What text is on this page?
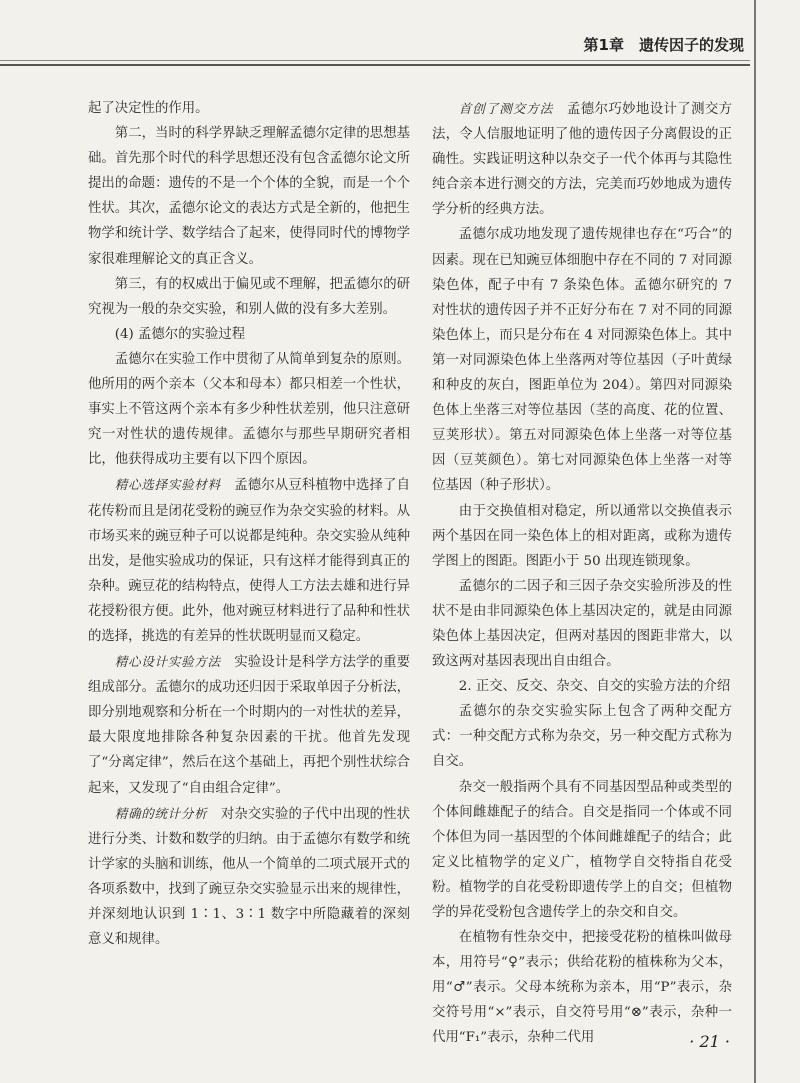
第1章　遗传因子的发现

起了决定性的作用。

第二，当时的科学界缺乏理解孟德尔定律的思想基础。首先那个时代的科学思想还没有包含孟德尔论文所提出的命题：遗传的不是一个个体的全貌，而是一个个性状。其次，孟德尔论文的表达方式是全新的，他把生物学和统计学、数学结合了起来，使得同时代的博物学家很难理解论文的真正含义。

第三，有的权威出于偏见或不理解，把孟德尔的研究视为一般的杂交实验，和别人做的没有多大差别。

(4) 孟德尔的实验过程

孟德尔在实验工作中贯彻了从简单到复杂的原则。他所用的两个亲本（父本和母本）都只相差一个性状，事实上不管这两个亲本有多少种性状差别，他只注意研究一对性状的遗传规律。孟德尔与那些早期研究者相比，他获得成功主要有以下四个原因。

精心选择实验材料　 孟德尔从豆科植物中选择了自花传粉而且是闭花受粉的豌豆作为杂交实验的材料。从市场买来的豌豆种子可以说都是纯种。杂交实验从纯种出发，是他实验成功的保证，只有这样才能得到真正的杂种。豌豆花的结构特点，使得人工方法去雄和进行异花授粉很方便。此外，他对豌豆材料进行了品种和性状的选择，挑选的有差异的性状既明显而又稳定。

精心设计实验方法　 实验设计是科学方法学的重要组成部分。孟德尔的成功还归因于采取单因子分析法，即分别地观察和分析在一个时期内的一对性状的差异，最大限度地排除各种复杂因素的干扰。他首先发现了“分离定律”，然后在这个基础上，再把个别性状综合起来，又发现了“自由组合定律”。

精确的统计分析　 对杂交实验的子代中出现的性状进行分类、计数和数学的归纳。由于孟德尔有数学和统计学家的头脑和训练，他从一个简单的二项式展开式的各项系数中，找到了豌豆杂交实验显示出来的规律性，并深刻地认识到 1∶1、3∶1 数字中所隐藏着的深刻意义和规律。

首创了测交方法　 孟德尔巧妙地设计了测交方法，令人信服地证明了他的遗传因子分离假设的正确性。实践证明这种以杂交子一代个体再与其隐性纯合亲本进行测交的方法，完美而巧妙地成为遗传学分析的经典方法。

孟德尔成功地发现了遗传规律也存在“巧合”的因素。现在已知豌豆体细胞中存在不同的 7 对同源染色体，配子中有 7 条染色体。孟德尔研究的 7 对性状的遗传因子并不正好分布在 7 对不同的同源染色体上，而只是分布在 4 对同源染色体上。其中第一对同源染色体上坐落两对等位基因（子叶黄绿和种皮的灰白，图距单位为 204）。第四对同源染色体上坐落三对等位基因（茎的高度、花的位置、豆荚形状）。第五对同源染色体上坐落一对等位基因（豆荚颜色）。第七对同源染色体上坐落一对等位基因（种子形状）。

由于交换值相对稳定，所以通常以交换值表示两个基因在同一染色体上的相对距离，或称为遗传学图上的图距。图距小于 50 出现连锁现象。

孟德尔的二因子和三因子杂交实验所涉及的性状不是由非同源染色体上基因决定的，就是由同源染色体上基因决定，但两对基因的图距非常大，以致这两对基因表现出自由组合。

2. 正交、反交、杂交、自交的实验方法的介绍

孟德尔的杂交实验实际上包含了两种交配方式：一种交配方式称为杂交，另一种交配方式称为自交。

杂交一般指两个具有不同基因型品种或类型的个体间雌雄配子的结合。自交是指同一个体或不同个体但为同一基因型的个体间雌雄配子的结合；此定义比植物学的定义广，植物学自交特指自花受粉。植物学的自花受粉即遗传学上的自交；但植物学的异花受粉包含遗传学上的杂交和自交。

在植物有性杂交中，把接受花粉的植株叫做母本，用符号“♀”表示；供给花粉的植株称为父本，用“♂”表示。父母本统称为亲本，用“P”表示，杂交符号用“×”表示，自交符号用“⊗”表示，杂种一代用“F₁”表示，杂种二代用	· 21 ·
